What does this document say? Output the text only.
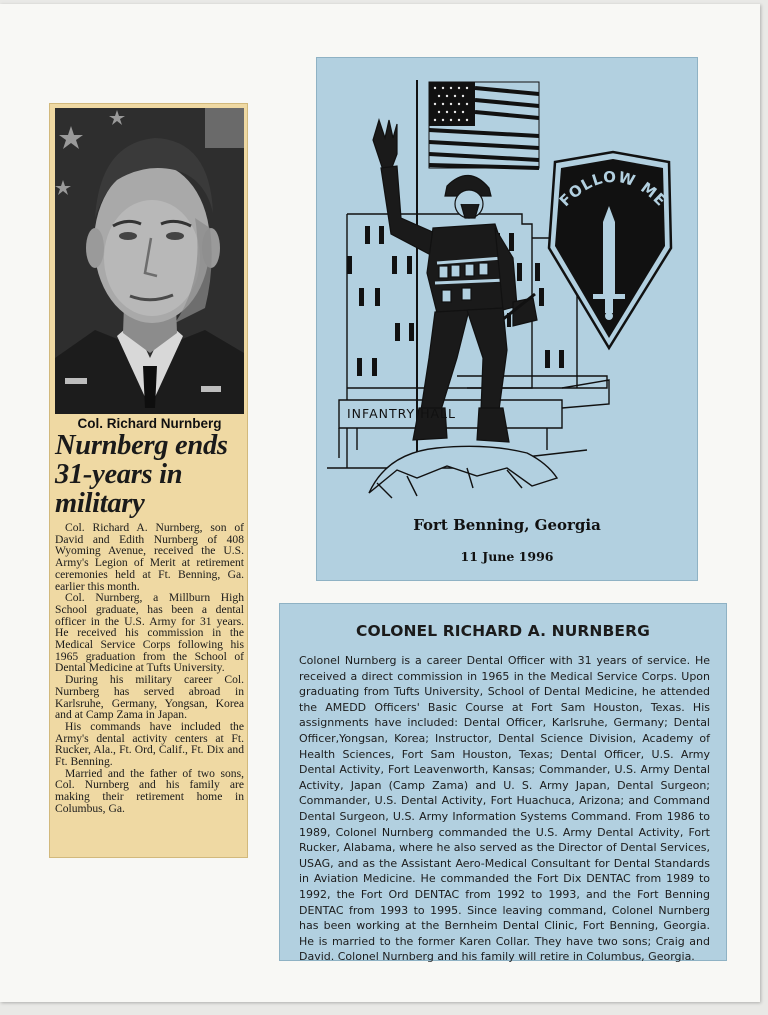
Col. Richard Nurnberg
Nurnberg ends 31-years in military

Col. Richard A. Nurnberg, son of David and Edith Nurnberg of 408 Wyoming Avenue, received the U.S. Army's Legion of Merit at retirement ceremonies held at Ft. Benning, Ga. earlier this month.

Col. Nurnberg, a Millburn High School graduate, has been a dental officer in the U.S. Army for 31 years. He received his commission in the Medical Service Corps following his 1965 graduation from the School of Dental Medicine at Tufts University.

During his military career Col. Nurnberg has served abroad in Karlsruhe, Germany, Yongsan, Korea and at Camp Zama in Japan.

His commands have included the Army's dental activity centers at Ft. Rucker, Ala., Ft. Ord, Calif., Ft. Dix and Ft. Benning.

Married and the father of two sons, Col. Nurnberg and his family are making their retirement home in Columbus, Ga.

INFANTRY HALL
FOLLOW ME
Fort Benning, Georgia
11 June 1996
COLONEL RICHARD A. NURNBERG
Colonel Nurnberg is a career Dental Officer with 31 years of service. He received a direct commission in 1965 in the Medical Service Corps. Upon graduating from Tufts University, School of Dental Medicine, he attended the AMEDD Officers' Basic Course at Fort Sam Houston, Texas. His assignments have included: Dental Officer, Karlsruhe, Germany; Dental Officer,Yongsan, Korea; Instructor, Dental Science Division, Academy of Health Sciences, Fort Sam Houston, Texas; Dental Officer, U.S. Army Dental Activity, Fort Leavenworth, Kansas; Commander, U.S. Army Dental Activity, Japan (Camp Zama) and U. S. Army Japan, Dental Surgeon; Commander, U.S. Dental Activity, Fort Huachuca, Arizona; and Command Dental Surgeon, U.S. Army Information Systems Command. From 1986 to 1989, Colonel Nurnberg commanded the U.S. Army Dental Activity, Fort Rucker, Alabama, where he also served as the Director of Dental Services, USAG, and as the Assistant Aero-Medical Consultant for Dental Standards in Aviation Medicine. He commanded the Fort Dix DENTAC from 1989 to 1992, the Fort Ord DENTAC from 1992 to 1993, and the Fort Benning DENTAC from 1993 to 1995. Since leaving command, Colonel Nurnberg has been working at the Bernheim Dental Clinic, Fort Benning, Georgia. He is married to the former Karen Collar. They have two sons; Craig and David. Colonel Nurnberg and his family will retire in Columbus, Georgia.
